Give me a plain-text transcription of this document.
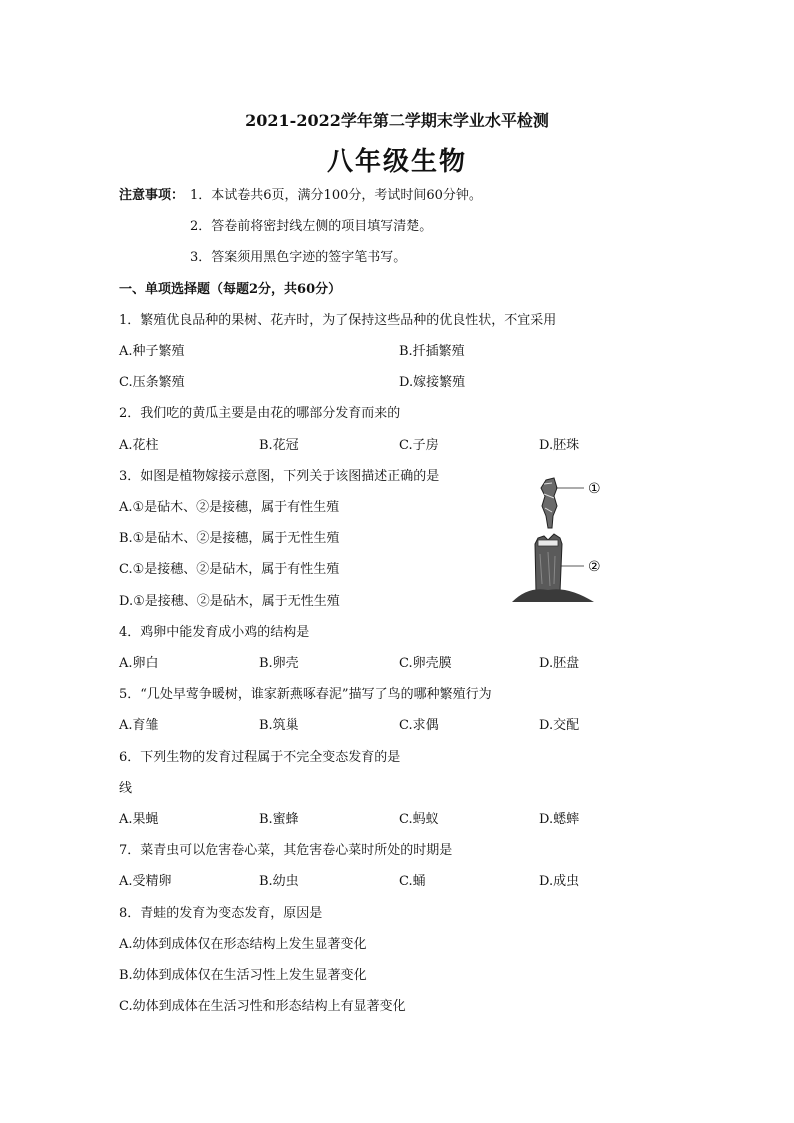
2021-2022学年第二学期末学业水平检测
八年级生物
注意事项： 1．本试卷共6页，满分100分，考试时间60分钟。
2．答卷前将密封线左侧的项目填写清楚。
3．答案须用黑色字迹的签字笔书写。
一、单项选择题（每题2分，共60分）
1．繁殖优良品种的果树、花卉时，为了保持这些品种的优良性状，不宜采用
A.种子繁殖	B.扦插繁殖
C.压条繁殖	D.嫁接繁殖
2．我们吃的黄瓜主要是由花的哪部分发育而来的
A.花柱	B.花冠	C.子房	D.胚珠
3．如图是植物嫁接示意图，下列关于该图描述正确的是
A.①是砧木、②是接穗，属于有性生殖
B.①是砧木、②是接穗，属于无性生殖
C.①是接穗、②是砧木，属于有性生殖
D.①是接穗、②是砧木，属于无性生殖
①
②
4．鸡卵中能发育成小鸡的结构是
A.卵白	B.卵壳	C.卵壳膜	D.胚盘
5．“几处早莺争暖树，谁家新燕啄春泥”描写了鸟的哪种繁殖行为
A.育雏	B.筑巢	C.求偶	D.交配
6．下列生物的发育过程属于不完全变态发育的是
线
A.果蝇	B.蜜蜂	C.蚂蚁	D.蟋蟀
7．菜青虫可以危害卷心菜，其危害卷心菜时所处的时期是
A.受精卵	B.幼虫	C.蛹	D.成虫
8．青蛙的发育为变态发育，原因是
A.幼体到成体仅在形态结构上发生显著变化
B.幼体到成体仅在生活习性上发生显著变化
C.幼体到成体在生活习性和形态结构上有显著变化
